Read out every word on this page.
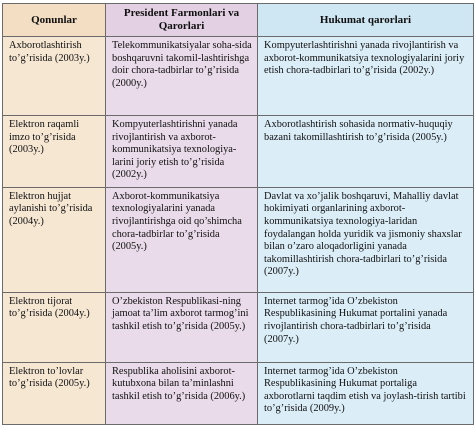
Qonunlar	President Farmonlari va Qarorlari	Hukumat qarorlari
Axborotlashtirish to’g’risida (2003y.)	Telekommunikatsiyalar soha-sida boshqaruvni takomil-lashtirishga doir chora-tadbirlar to’g’risida (2000y.)	Kompyuterlashtirishni yanada rivojlantirish va axborot-kommunikatsiya texnologiyalarini joriy etish chora-tadbirlari to’g’risida (2002y.)
Elektron raqamli imzo to’g’risida (2003y.)	Kompyuterlashtirishni yanada rivojlantirish va axborot-kommunikatsiya texnologiya-larini joriy etish to’g’risida (2002y.)	Axborotlashtirish sohasida normativ-huquqiy bazani takomillashtirish to’g’risida (2005y.)
Elektron hujjat aylanishi to’g’risida (2004y.)	Axborot-kommunikatsiya texnologiyalarini yanada rivojlantirishga oid qo’shimcha chora-tadbirlar to’g’risida (2005y.)	Davlat va xo’jalik boshqaruvi, Mahalliy davlat hokimiyati organlarining axborot-kommunikatsiya texnologiya-laridan foydalangan holda yuridik va jismoniy shaxslar bilan o’zaro aloqadorligini yanada takomillashtirish chora-tadbirlari to’g’risida (2007y.)
Elektron tijorat to’g’risida (2004y.)	O’zbekiston Respublikasi-ning jamoat ta’lim axborot tarmog’ini tashkil etish to’g’risida (2005y.)	Internet tarmog’ida O’zbekiston Respublikasining Hukumat portalini yanada rivojlantirish chora-tadbirlari to’g’risida (2007y.)
Elektron to’lovlar to’g’risida (2005y.)	Respublika aholisini axborot-kutubxona bilan ta’minlashni tashkil etish to’g’risida (2006y.)	Internet tarmog’ida O’zbekiston Respublikasining Hukumat portaliga axborotlarni taqdim etish va joylash-tirish tartibi to’g’risida (2009y.)
